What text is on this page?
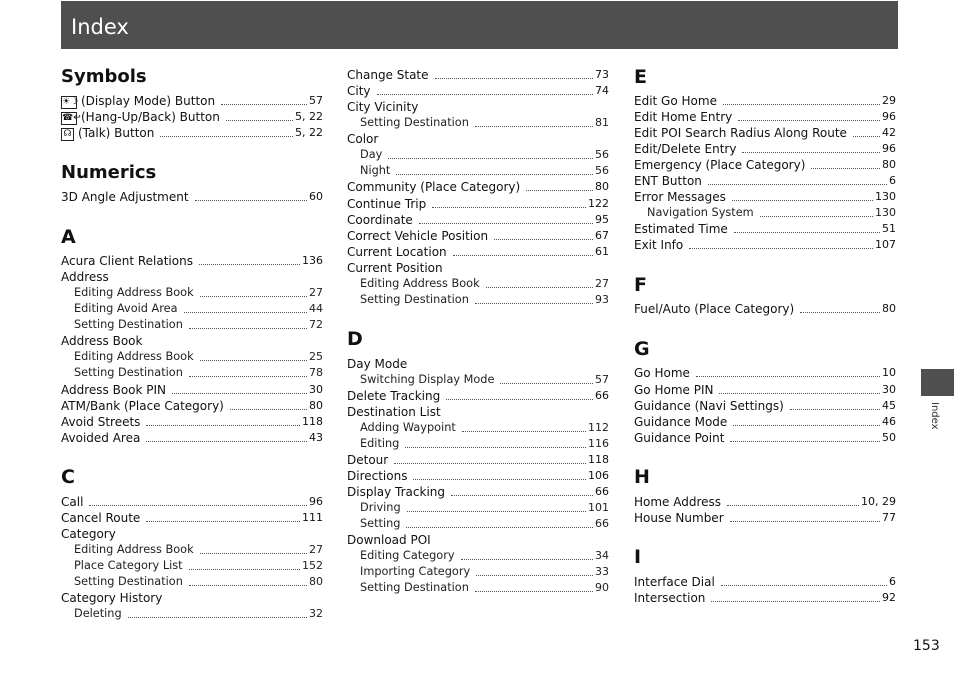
Index
Symbols
☀☽ (Display Mode) Button	57
☎↩ (Hang-Up/Back) Button	5, 22
☊ (Talk) Button	5, 22
Numerics
3D Angle Adjustment	60
A
Acura Client Relations	136
Address
Editing Address Book	27
Editing Avoid Area	44
Setting Destination	72
Address Book
Editing Address Book	25
Setting Destination	78
Address Book PIN	30
ATM/Bank (Place Category)	80
Avoid Streets	118
Avoided Area	43
C
Call	96
Cancel Route	111
Category
Editing Address Book	27
Place Category List	152
Setting Destination	80
Category History
Deleting	32
Change State	73
City	74
City Vicinity
Setting Destination	81
Color
Day	56
Night	56
Community (Place Category)	80
Continue Trip	122
Coordinate	95
Correct Vehicle Position	67
Current Location	61
Current Position
Editing Address Book	27
Setting Destination	93
D
Day Mode
Switching Display Mode	57
Delete Tracking	66
Destination List
Adding Waypoint	112
Editing	116
Detour	118
Directions	106
Display Tracking	66
Driving	101
Setting	66
Download POI
Editing Category	34
Importing Category	33
Setting Destination	90
E
Edit Go Home	29
Edit Home Entry	96
Edit POI Search Radius Along Route	42
Edit/Delete Entry	96
Emergency (Place Category)	80
ENT Button	6
Error Messages	130
Navigation System	130
Estimated Time	51
Exit Info	107
F
Fuel/Auto (Place Category)	80
G
Go Home	10
Go Home PIN	30
Guidance (Navi Settings)	45
Guidance Mode	46
Guidance Point	50
H
Home Address	10, 29
House Number	77
I
Interface Dial	6
Intersection	92
Index
153
